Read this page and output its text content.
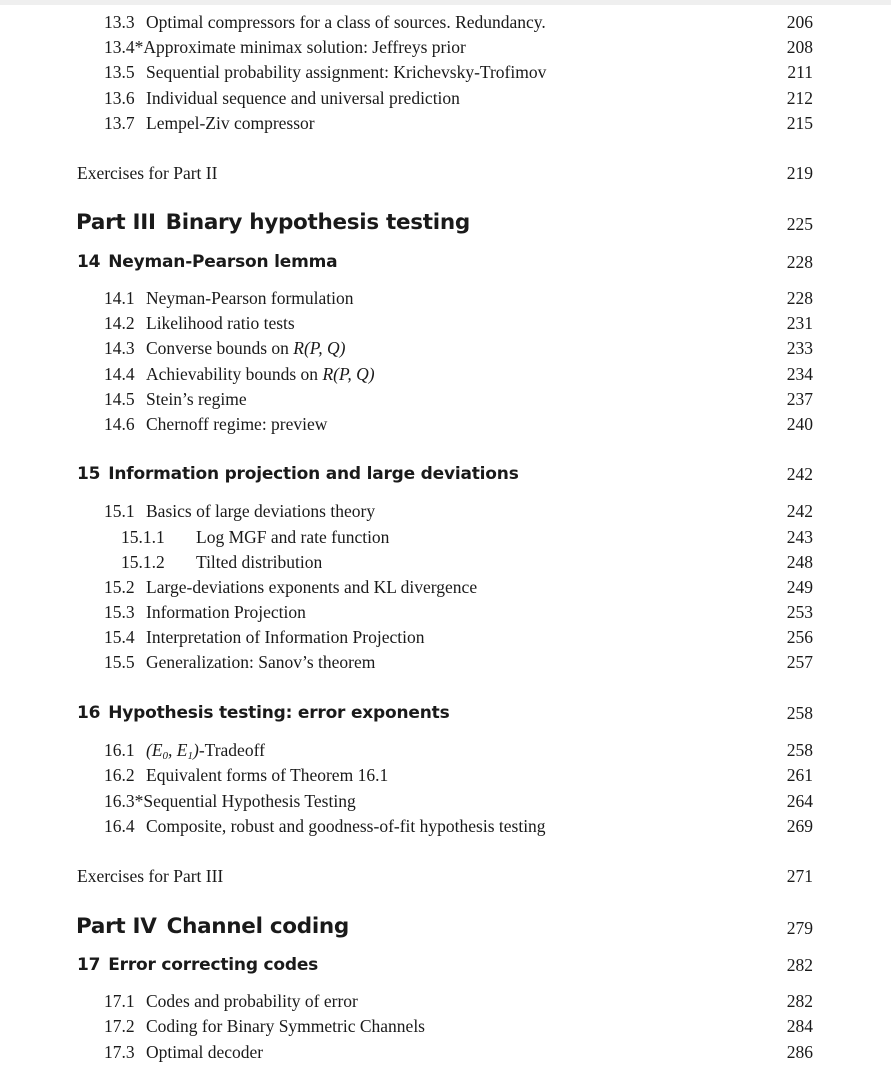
13.3 Optimal compressors for a class of sources. Redundancy.	206
13.4*Approximate minimax solution: Jeffreys prior	208
13.5 Sequential probability assignment: Krichevsky-Trofimov	211
13.6 Individual sequence and universal prediction	212
13.7 Lempel-Ziv compressor	215
Exercises for Part II	219
Part III Binary hypothesis testing	225
14 Neyman-Pearson lemma	228
14.1 Neyman-Pearson formulation	228
14.2 Likelihood ratio tests	231
14.3 Converse bounds on R(P, Q)	233
14.4 Achievability bounds on R(P, Q)	234
14.5 Stein’s regime	237
14.6 Chernoff regime: preview	240
15 Information projection and large deviations	242
15.1 Basics of large deviations theory	242
15.1.1 Log MGF and rate function	243
15.1.2 Tilted distribution	248
15.2 Large-deviations exponents and KL divergence	249
15.3 Information Projection	253
15.4 Interpretation of Information Projection	256
15.5 Generalization: Sanov’s theorem	257
16 Hypothesis testing: error exponents	258
16.1 ($E_0$, $E_1$)-Tradeoff	258
16.2 Equivalent forms of Theorem 16.1	261
16.3*Sequential Hypothesis Testing	264
16.4 Composite, robust and goodness-of-fit hypothesis testing	269
Exercises for Part III	271
Part IV Channel coding	279
17 Error correcting codes	282
17.1 Codes and probability of error	282
17.2 Coding for Binary Symmetric Channels	284
17.3 Optimal decoder	286
